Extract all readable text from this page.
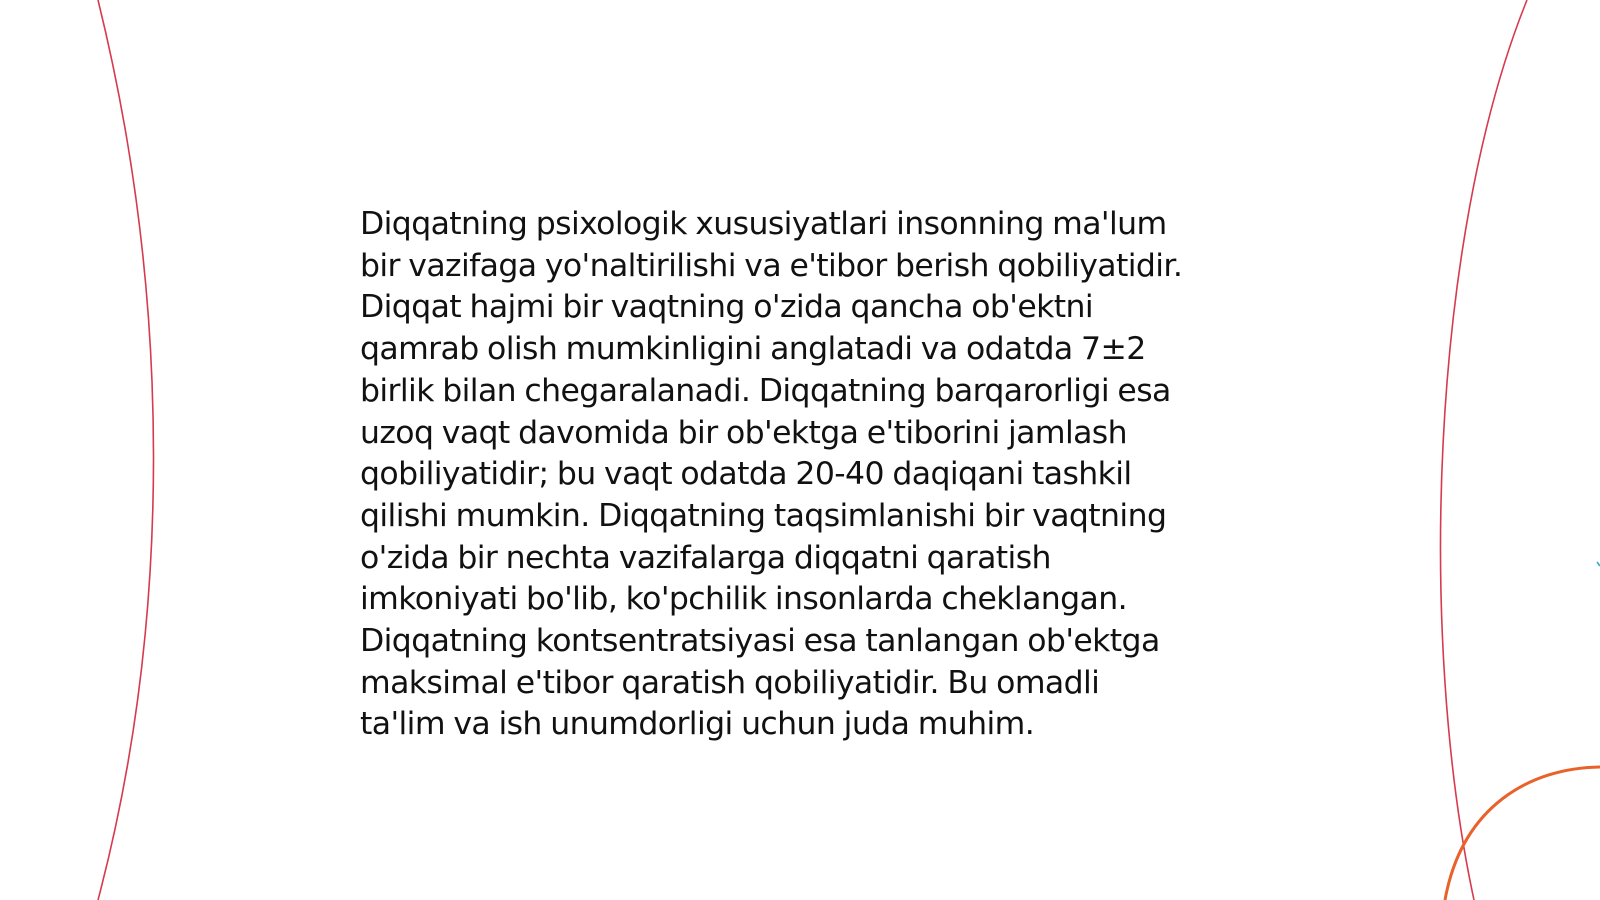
Diqqatning psixologik xususiyatlari insonning ma'lum
bir vazifaga yo'naltirilishi va e'tibor berish qobiliyatidir.
Diqqat hajmi bir vaqtning o'zida qancha ob'ektni
qamrab olish mumkinligini anglatadi va odatda 7±2
birlik bilan chegaralanadi. Diqqatning barqarorligi esa
uzoq vaqt davomida bir ob'ektga e'tiborini jamlash
qobiliyatidir; bu vaqt odatda 20-40 daqiqani tashkil
qilishi mumkin. Diqqatning taqsimlanishi bir vaqtning
o'zida bir nechta vazifalarga diqqatni qaratish
imkoniyati bo'lib, ko'pchilik insonlarda cheklangan.
Diqqatning kontsentratsiyasi esa tanlangan ob'ektga
maksimal e'tibor qaratish qobiliyatidir. Bu omadli
ta'lim va ish unumdorligi uchun juda muhim.
